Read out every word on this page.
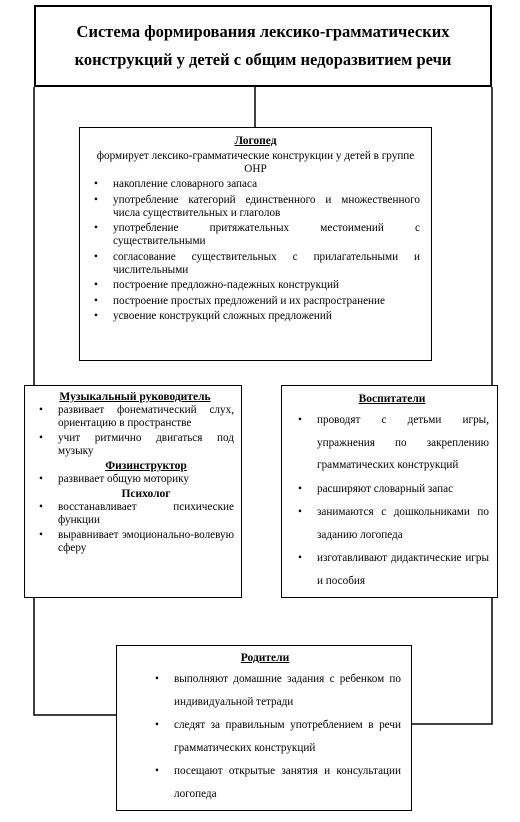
Система формирования лексико-грамматических конструкций у детей с общим недоразвитием речи
Логопед
формирует лексико-грамматические конструкции у детей в группе ОНР
• накопление словарного запаса
• употребление категорий единственного и множественного числа существительных и глаголов
• употребление притяжательных местоимений с существительными
• согласование существительных с прилагательными и числительными
• построение предложно-падежных конструкций
• построение простых предложений и их распространение
• усвоение конструкций сложных предложений
Музыкальный руководитель
• развивает фонематический слух, ориентацию в пространстве
• учит ритмично двигаться под музыку
Физинструктор
• развивает общую моторику
Психолог
• восстанавливает психические функции
• выравнивает эмоционально-волевую сферу
Воспитатели
• проводят с детьми игры, упражнения по закреплению грамматических конструкций
• расширяют словарный запас
• занимаются с дошкольниками по заданию логопеда
• изготавливают дидактические игры и пособия
Родители
• выполняют домашние задания с ребенком по индивидуальной тетради
• следят за правильным употреблением в речи грамматических конструкций
• посещают открытые занятия и консультации логопеда
